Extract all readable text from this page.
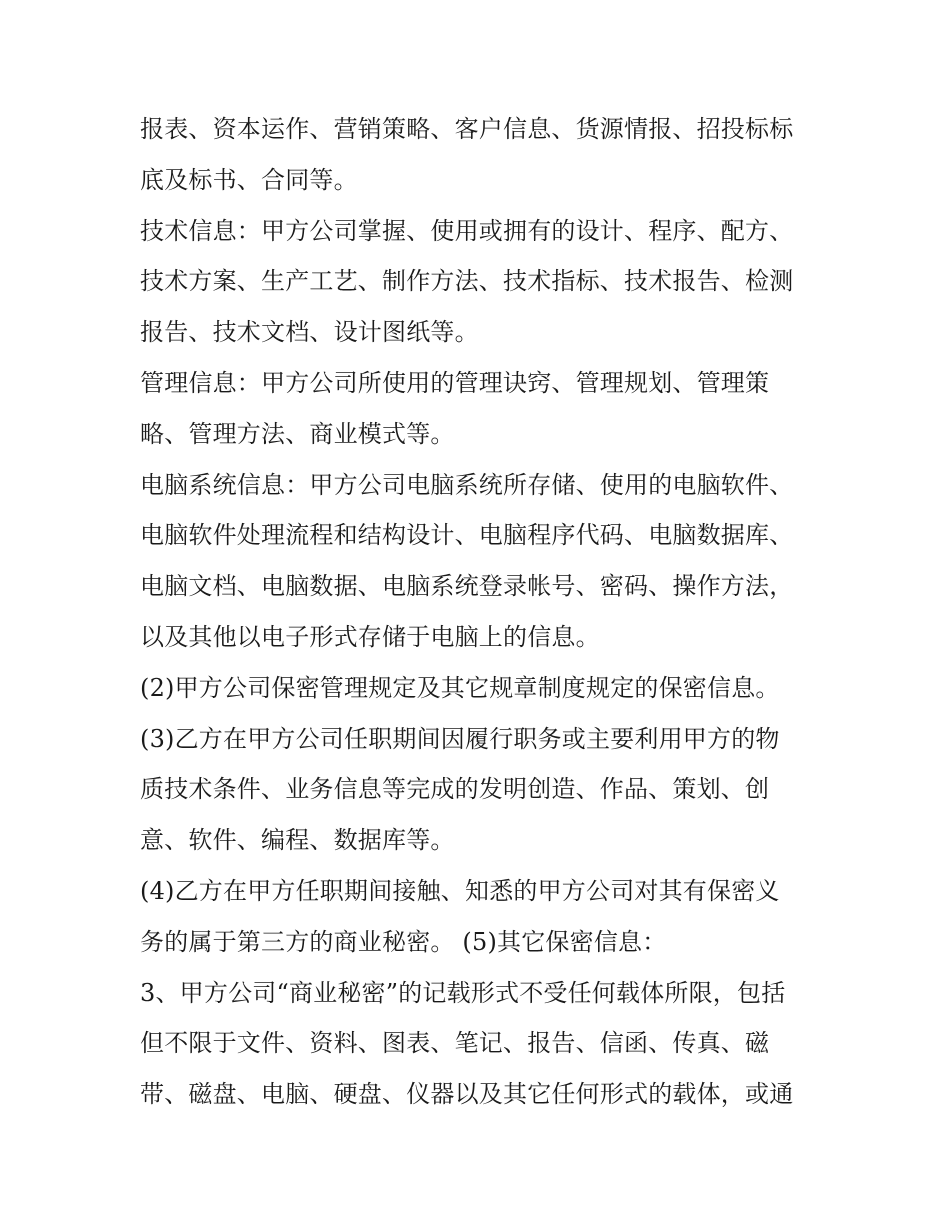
报表、资本运作、营销策略、客户信息、货源情报、招投标标
底及标书、合同等。
技术信息：甲方公司掌握、使用或拥有的设计、程序、配方、
技术方案、生产工艺、制作方法、技术指标、技术报告、检测
报告、技术文档、设计图纸等。
管理信息：甲方公司所使用的管理诀窍、管理规划、管理策
略、管理方法、商业模式等。
电脑系统信息：甲方公司电脑系统所存储、使用的电脑软件、
电脑软件处理流程和结构设计、电脑程序代码、电脑数据库、
电脑文档、电脑数据、电脑系统登录帐号、密码、操作方法，
以及其他以电子形式存储于电脑上的信息。
(2)甲方公司保密管理规定及其它规章制度规定的保密信息。
(3)乙方在甲方公司任职期间因履行职务或主要利用甲方的物
质技术条件、业务信息等完成的发明创造、作品、策划、创
意、软件、编程、数据库等。
(4)乙方在甲方任职期间接触、知悉的甲方公司对其有保密义
务的属于第三方的商业秘密。 (5)其它保密信息：
3、甲方公司“商业秘密”的记载形式不受任何载体所限，包括
但不限于文件、资料、图表、笔记、报告、信函、传真、磁
带、磁盘、电脑、硬盘、仪器以及其它任何形式的载体，或通
